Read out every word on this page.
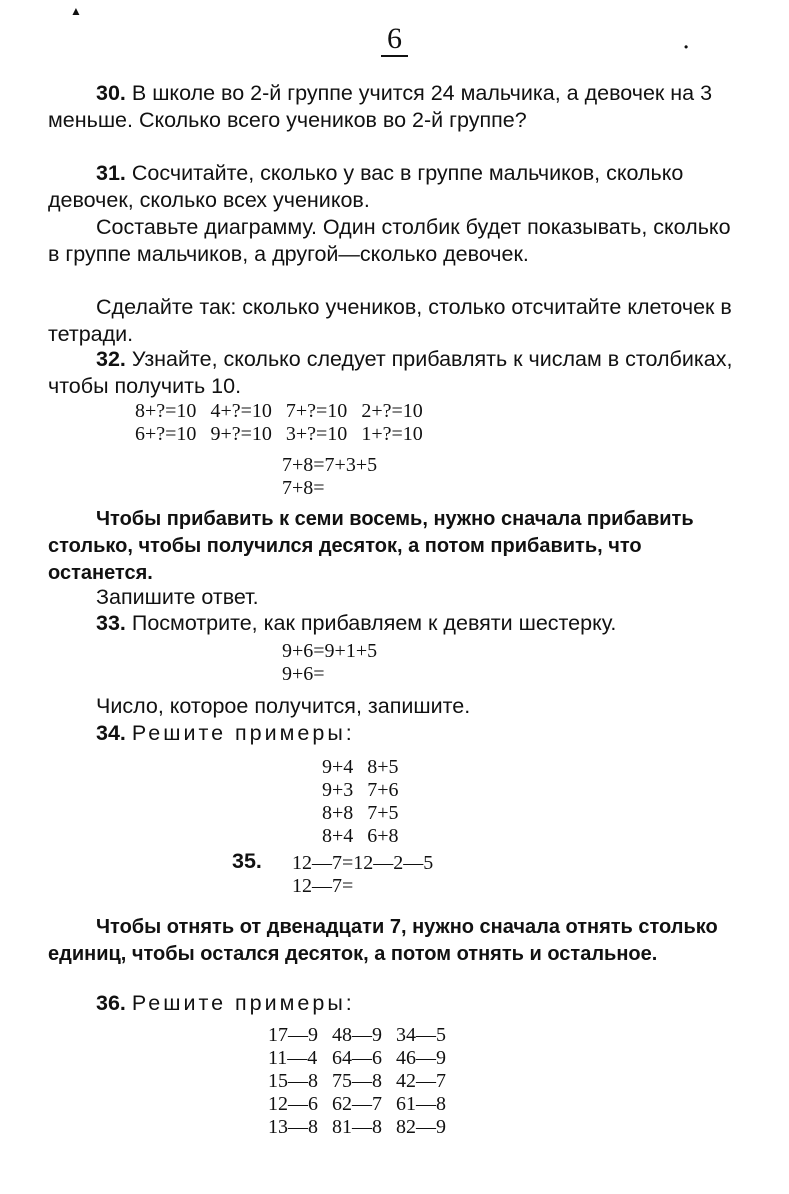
▲
•
6
30. В школе во 2-й группе учится 24 мальчика, а девочек на 3 меньше. Сколько всего учеников во 2-й группе?
31. Сосчитайте, сколько у вас в группе мальчиков, сколько девочек, сколько всех учеников.
Составьте диаграмму. Один столбик будет показывать, сколько в группе мальчиков, а другой—сколько девочек.
Сделайте так: сколько учеников, столько отсчитайте клеточек в тетради.
32. Узнайте, сколько следует прибавлять к числам в столбиках, чтобы получить 10.
8+?=10	4+?=10	7+?=10	2+?=10
6+?=10	9+?=10	3+?=10	1+?=10
7+8=7+3+5
7+8=
Чтобы прибавить к семи восемь, нужно сначала прибавить столько, чтобы получился десяток, а потом прибавить, что останется.
Запишите ответ.
33. Посмотрите, как прибавляем к девяти шестерку.
9+6=9+1+5
9+6=
Число, которое получится, запишите.
34. Решите примеры:
9+4	8+5
9+3	7+6
8+8	7+5
8+4	6+8
35.	12—7=12—2—5
12—7=
Чтобы отнять от двенадцати 7, нужно сначала отнять столько единиц, чтобы остался десяток, а потом отнять и остальное.
36. Решите примеры:
17—9	48—9	34—5
11—4	64—6	46—9
15—8	75—8	42—7
12—6	62—7	61—8
13—8	81—8	82—9
